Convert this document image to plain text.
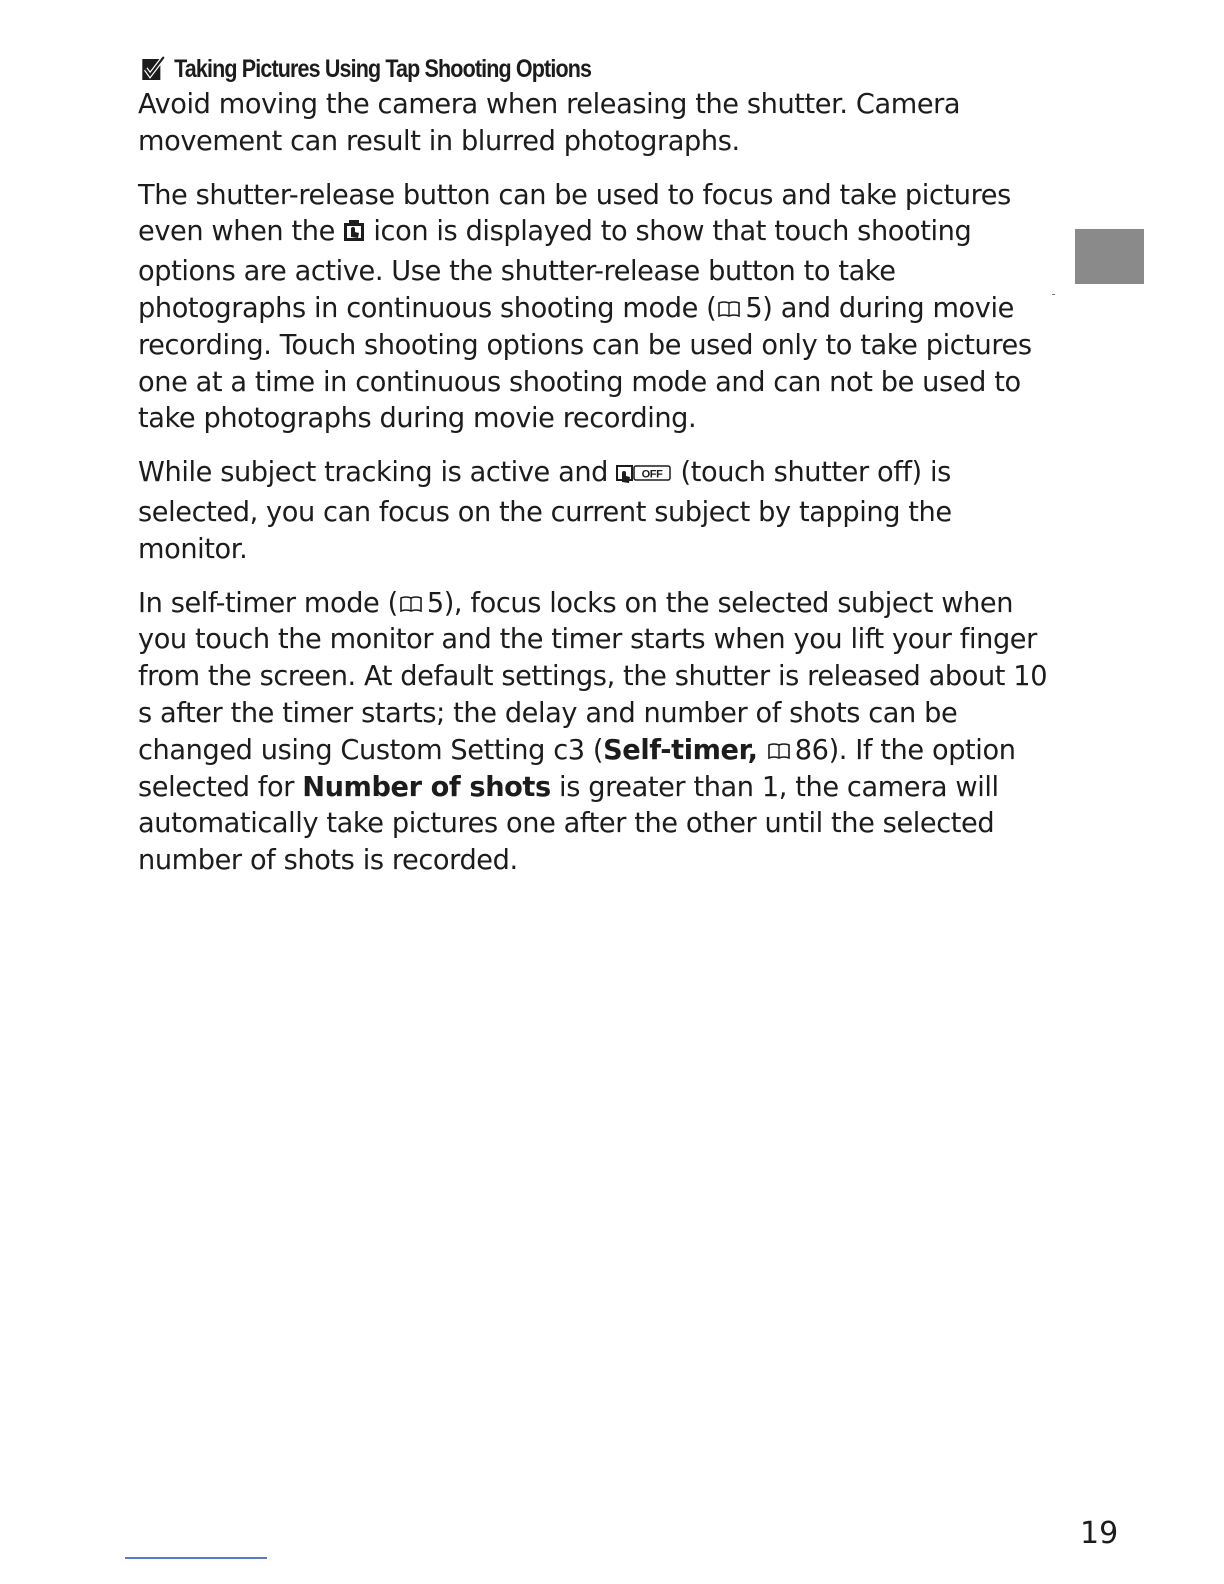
Taking Pictures Using Tap Shooting Options

Avoid moving the camera when releasing the shutter. Camera movement can result in blurred photographs.

The shutter-release button can be used to focus and take pictures even when the  icon is displayed to show that touch shooting options are active. Use the shutter-release button to take photographs in continuous shooting mode ( 5) and during movie recording. Touch shooting options can be used only to take pictures one at a time in continuous shooting mode and can not be used to take photographs during movie recording.

While subject tracking is active and OFF (touch shutter off) is selected, you can focus on the current subject by tapping the monitor.

In self-timer mode ( 5), focus locks on the selected subject when you touch the monitor and the timer starts when you lift your finger from the screen. At default settings, the shutter is released about 10 s after the timer starts; the delay and number of shots can be changed using Custom Setting c3 (Self-timer, 86). If the option selected for Number of shots is greater than 1, the camera will automatically take pictures one after the other until the selected number of shots is recorded.

19
